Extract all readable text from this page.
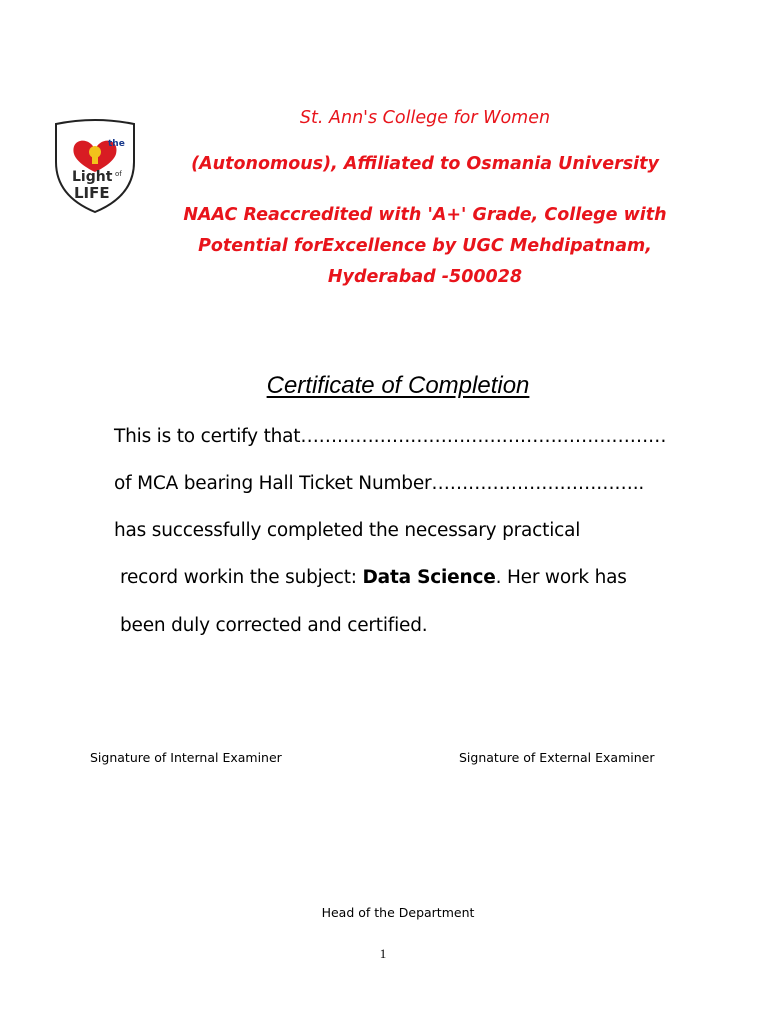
the
Light of
LIFE
St. Ann's College for Women
(Autonomous), Affiliated to Osmania University
NAAC Reaccredited with 'A+' Grade, College with
Potential forExcellence by UGC Mehdipatnam,
Hyderabad -500028
Certificate of Completion
This is to certify that……………………………………………………
of MCA bearing Hall Ticket Number……………………………..
has successfully completed the necessary practical
record workin the subject: Data Science. Her work has
been duly corrected and certified.
Signature of Internal Examiner	Signature of External Examiner
Head of the Department
1
